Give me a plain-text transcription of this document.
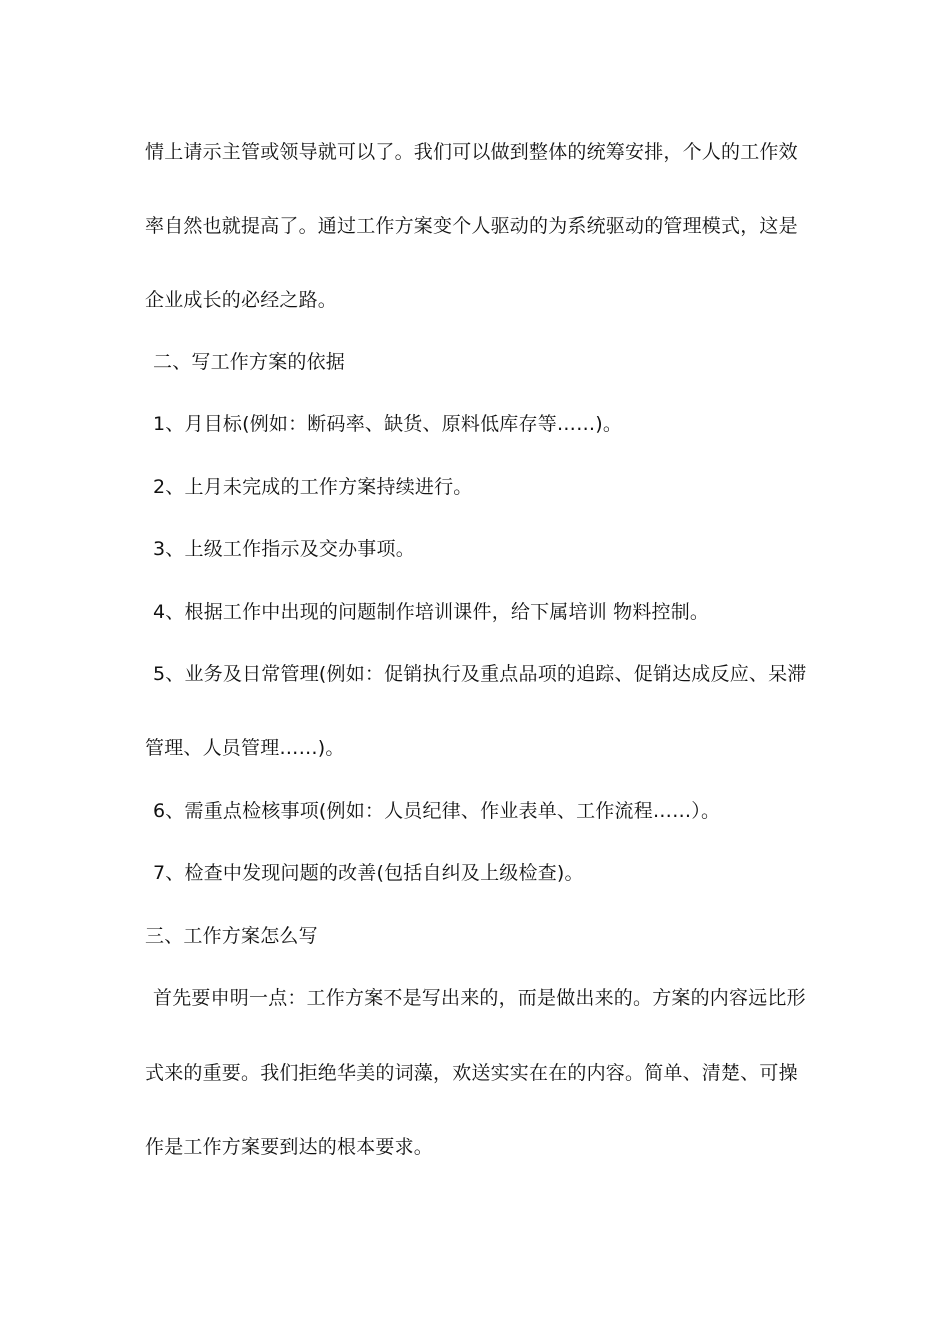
情上请示主管或领导就可以了。我们可以做到整体的统筹安排，个人的工作效
率自然也就提高了。通过工作方案变个人驱动的为系统驱动的管理模式，这是
企业成长的必经之路。
二、写工作方案的依据
1、月目标(例如：断码率、缺货、原料低库存等……)。
2、上月未完成的工作方案持续进行。
3、上级工作指示及交办事项。
4、根据工作中出现的问题制作培训课件，给下属培训 物料控制。
5、业务及日常管理(例如：促销执行及重点品项的追踪、促销达成反应、呆滞
管理、人员管理……)。
6、需重点检核事项(例如：人员纪律、作业表单、工作流程……）。
7、检查中发现问题的改善(包括自纠及上级检查)。
三、工作方案怎么写
首先要申明一点：工作方案不是写出来的，而是做出来的。方案的内容远比形
式来的重要。我们拒绝华美的词藻，欢送实实在在的内容。简单、清楚、可操
作是工作方案要到达的根本要求。
